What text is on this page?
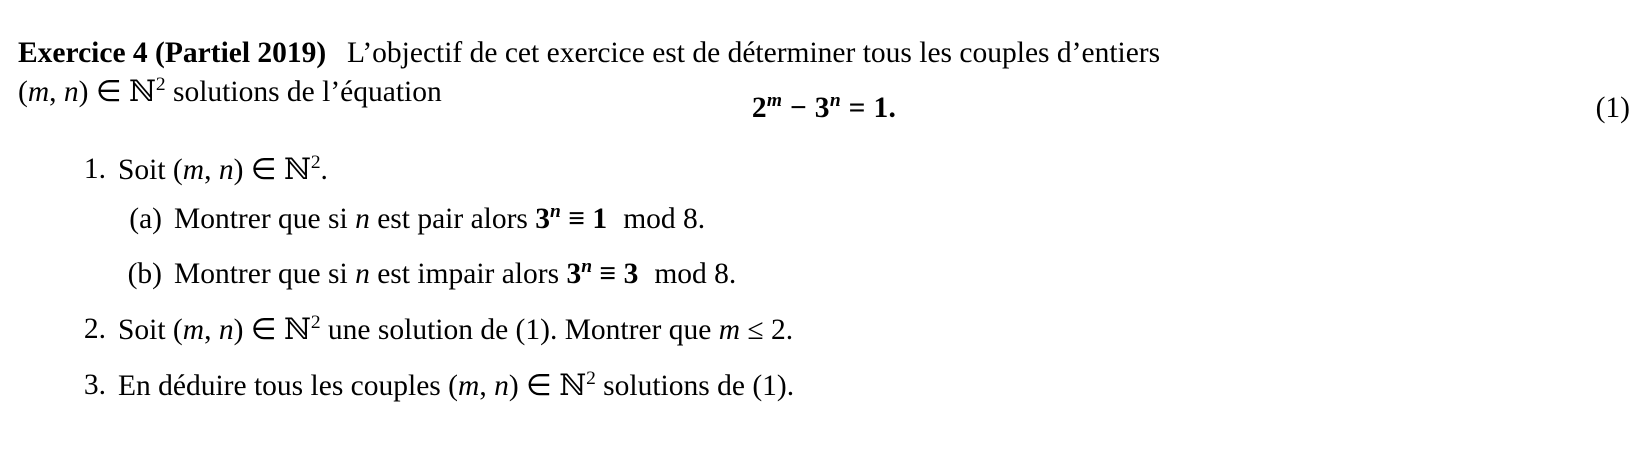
Exercice 4 (Partiel 2019) L’objectif de cet exercice est de déterminer tous les couples d’entiers
(m, n) ∈ ℕ$^2$ solutions de l’équation

$2^m - 3^n = 1$.	(1)
1. Soit (m, n) ∈ ℕ$^2$.
(a) Montrer que si n est pair alors $3^n \equiv 1$ mod 8.
(b) Montrer que si n est impair alors $3^n \equiv 3$ mod 8.
2. Soit (m, n) ∈ ℕ$^2$ une solution de (1). Montrer que m ≤ 2.
3. En déduire tous les couples (m, n) ∈ ℕ$^2$ solutions de (1).
